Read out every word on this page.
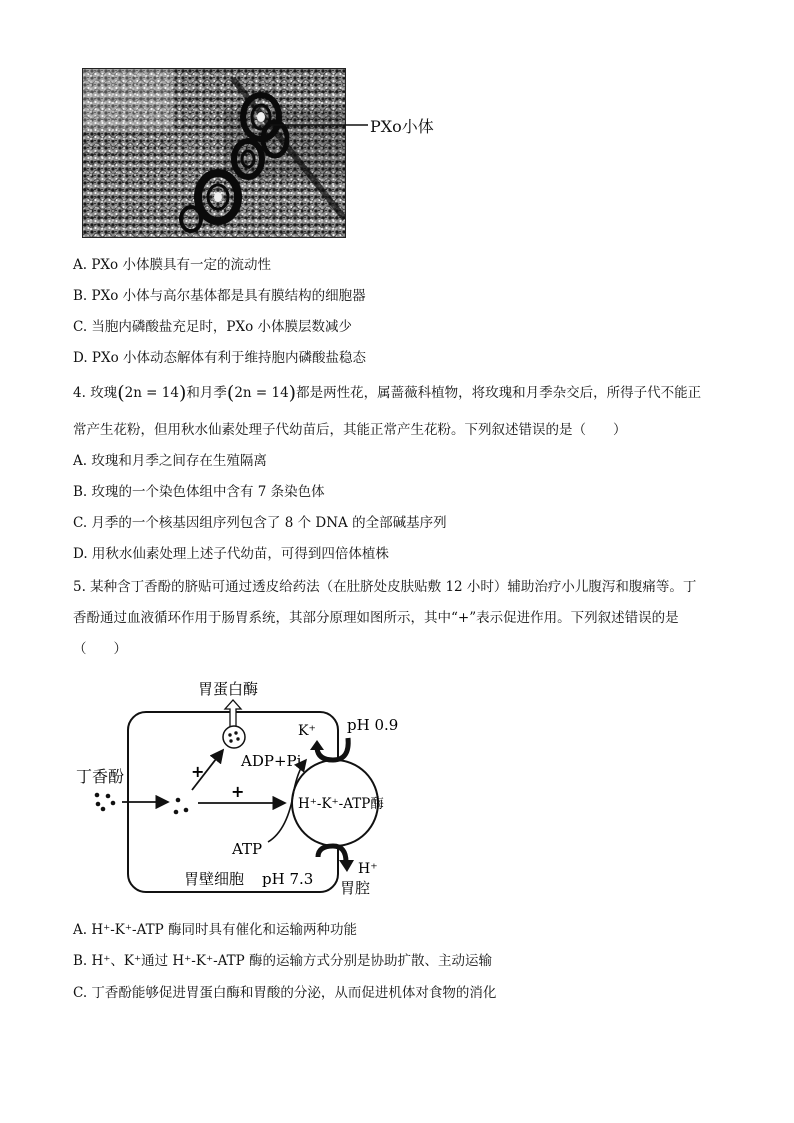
PXo小体
A. PXo 小体膜具有一定的流动性
B. PXo 小体与高尔基体都是具有膜结构的细胞器
C. 当胞内磷酸盐充足时，PXo 小体膜层数减少
D. PXo 小体动态解体有利于维持胞内磷酸盐稳态
4. 玫瑰(2n = 14)和月季(2n = 14)都是两性花，属蔷薇科植物，将玫瑰和月季杂交后，所得子代不能正
常产生花粉，但用秋水仙素处理子代幼苗后，其能正常产生花粉。下列叙述错误的是（　　）
A. 玫瑰和月季之间存在生殖隔离
B. 玫瑰的一个染色体组中含有 7 条染色体
C. 月季的一个核基因组序列包含了 8 个 DNA 的全部碱基序列
D. 用秋水仙素处理上述子代幼苗，可得到四倍体植株
5. 某种含丁香酚的脐贴可通过透皮给药法（在肚脐处皮肤贴敷 12 小时）辅助治疗小儿腹泻和腹痛等。丁
香酚通过血液循环作用于肠胃系统，其部分原理如图所示，其中“+”表示促进作用。下列叙述错误的是
（　　）
胃蛋白酶
丁香酚	+
+
ADP+Pi
H⁺-K⁺-ATP酶
ATP
K⁺ pH 0.9
H⁺
胃腔
胃壁细胞 pH 7.3
A. H⁺-K⁺-ATP 酶同时具有催化和运输两种功能
B. H⁺、K⁺通过 H⁺-K⁺-ATP 酶的运输方式分别是协助扩散、主动运输
C. 丁香酚能够促进胃蛋白酶和胃酸的分泌，从而促进机体对食物的消化
